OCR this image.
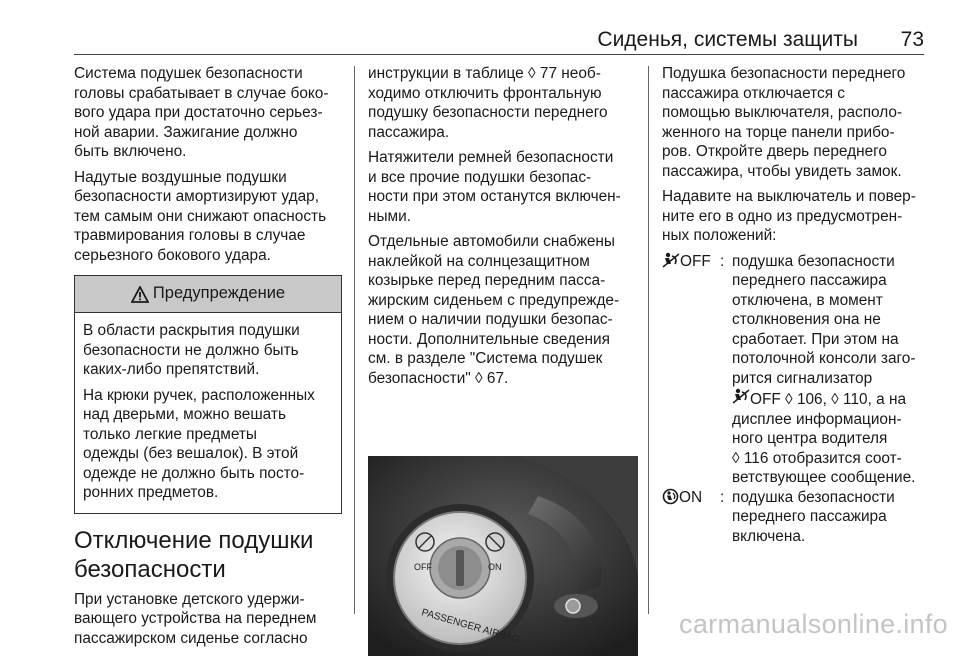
Сиденья, системы защиты 73

Система подушек безопасности
головы срабатывает в случае боко-
вого удара при достаточно серьез-
ной аварии. Зажигание должно
быть включено.

Надутые воздушные подушки
безопасности амортизируют удар,
тем самым они снижают опасность
травмирования головы в случае
серьезного бокового удара.

Предупреждение

В области раскрытия подушки
безопасности не должно быть
каких-либо препятствий.

На крюки ручек, расположенных
над дверьми, можно вешать
только легкие предметы
одежды (без вешалок). В этой
одежде не должно быть посто-
ронних предметов.

Отключение подушки
безопасности

При установке детского удержи-
вающего устройства на переднем
пассажирском сиденье согласно

инструкции в таблице ◊ 77 необ-
ходимо отключить фронтальную
подушку безопасности переднего
пассажира.

Натяжители ремней безопасности
и все прочие подушки безопас-
ности при этом останутся включен-
ными.

Отдельные автомобили снабжены
наклейкой на солнцезащитном
козырьке перед передним пасса-
жирским сиденьем с предупрежде-
нием о наличии подушки безопас-
ности. Дополнительные сведения
см. в разделе "Система подушек
безопасности" ◊ 67.

OFF	ON
PASSENGER AIRBAG

Подушка безопасности переднего
пассажира отключается с
помощью выключателя, располо-
женного на торце панели прибо-
ров. Откройте дверь переднего
пассажира, чтобы увидеть замок.

Надавите на выключатель и повер-
ните его в одно из предусмотрен-
ных положений:

OFF : подушка безопасности
переднего пассажира
отключена, в момент
столкновения она не
сработает. При этом на
потолочной консоли заго-
рится сигнализатор
OFF ◊ 106, ◊ 110, а на
дисплее информацион-
ного центра водителя
◊ 116 отобразится соот-
ветствующее сообщение.
ON : подушка безопасности
переднего пассажира
включена.
carmanualsonline.info
